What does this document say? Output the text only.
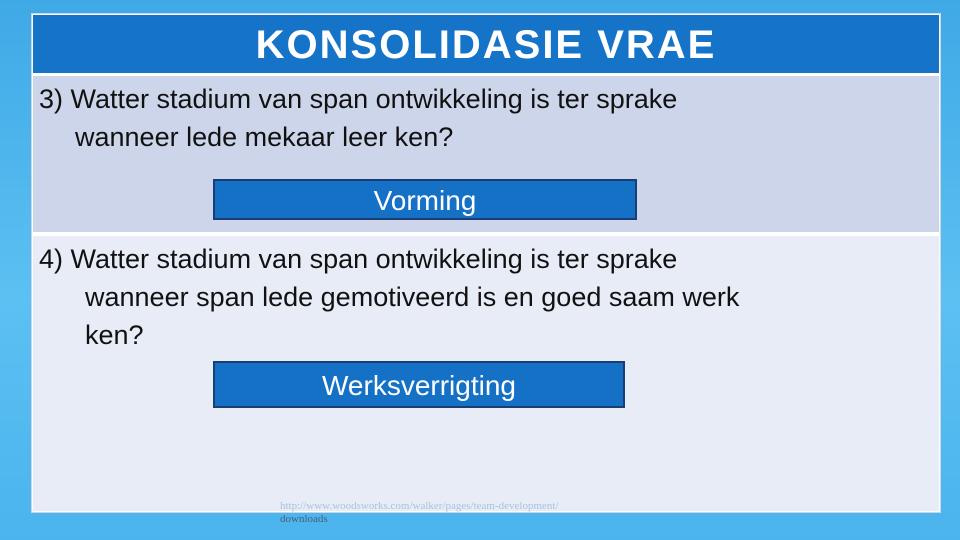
KONSOLIDASIE VRAE

3) Watter stadium van span ontwikkeling is ter sprake

wanneer lede mekaar leer ken?

Vorming

4) Watter stadium van span ontwikkeling is ter sprake

wanneer span lede gemotiveerd is en goed saam werk

ken?

Werksverrigting
http://www.woodsworks.com/walker/pages/team-development/
downloads
